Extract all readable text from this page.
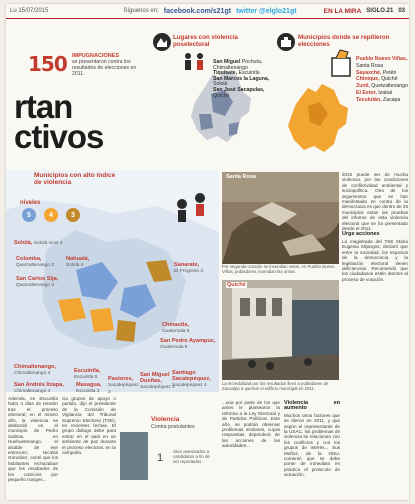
Lu 15/07/2015	Síguenos en: facebook.com/s21gt twitter @elglo21gt	EN LA MIRA SIGLO.21 03
150 IMPUGNACIONES
se presentaron contra los resultados de elecciones en 2011.
rtan
ctivos
Lugares con violencia poselectoral
San Miguel Pochuta,
Chimaltenango
Tiquisate, Escuintla
San Marcos la Laguna, Sololá
San José Sacapulas, Quiché
Municipios donde se repitieron elecciones
Pueblo Nuevo Viñas, Santa Rosa
Sayaxché, Petén
Chinique, Quiché
Zunil, Quetzaltenango
El Estor, Izabal
Teculután, Zacapa
Municipios con alto índice de violencia
niveles
5	4	3
Sololá, Sololá nivel 4
Colomba,
Quetzaltenango 3
Nahualá,
Sololá 4
San Carlos Sija,
Quetzaltenango 3
Sanarate,
El Progreso 3
Chinautla,
Guatemala 5
San Pedro Ayampuc,
Guatemala 5
Chimaltenango,
Chimaltenango 4	Escuintla,
Escuintla 5
San Andrés Itzapa,
Chimaltenango 4
Masagua,
Escuintla 3
Pastores,
Sacatepéquez 3
San Miguel Dueñas,
Sacatepéquez 4
Santiago Sacatepéquez,
Sacatepéquez 4
Santa Rosa
Por segunda ocasión se incendian votos, en Pueblo Nuevo Viñas, pobladores incendian las urnas.
Quiché
La incredulidad por los resultados llevó a pobladores de Zacualpa a quemar el edificio municipal en 2011.

2015 puede ser de mucha violencia, por las condiciones de conflictividad ambiental y sociopolítica. Otro de los argumentos que se han manifestado en contra de la democracia es que dentro de 25 municipios están las pruebas del informe de esta violencia electoral que se ha presentado desde el 2011.

Urge acciones

La magistrada del TSE María Eugenia Mijangos, declaró que entre la sociedad, los espacios de la democracia y la legislación electoral tienen deficiencias. Recomendó que los ciudadanos estén atentos al proceso de votación.

Violencia en aumento

Muchos otros factores que se dieron en 2011, y que según el representante de la USAC, los problemas de violencia se relacionan con los conflictos y con los grupos de interés... Sus Muñoz, de la ONU, comentó que se debe poner de inmediato en práctica el protocolo de actuación.

Además, en Escuintla hubo 4 días de tensión tras el proceso electoral; en el mismo año, la violencia se desbordó en el municipio de Pedro Salinas, en Huehuetenango, el alcalde de ese entonces; Nicolás González, contó que los habitantes rechazaban que los resultados de los comicios por pequeño margen...

cia grupos de apoyo o partido, dijo el presidente de la Comisión de Vigilancia del Tribunal Supremo Electoral (TSE), en recientes fechas. El grupo diálogo debe para entrar en el país en un ambiente de paz durante el proceso electoral, en la campaña.

...una por parte de los que antes le plantearon la reforma a la Ley Electoral y de Partidos Políticos. Este año, se podrán observar problemas similares, cuyas respuestas dependerá de las acciones de las autoridades...

Violencia
Contra postulantes
1
cites asesinados a candidatos a fin de ser reportados
